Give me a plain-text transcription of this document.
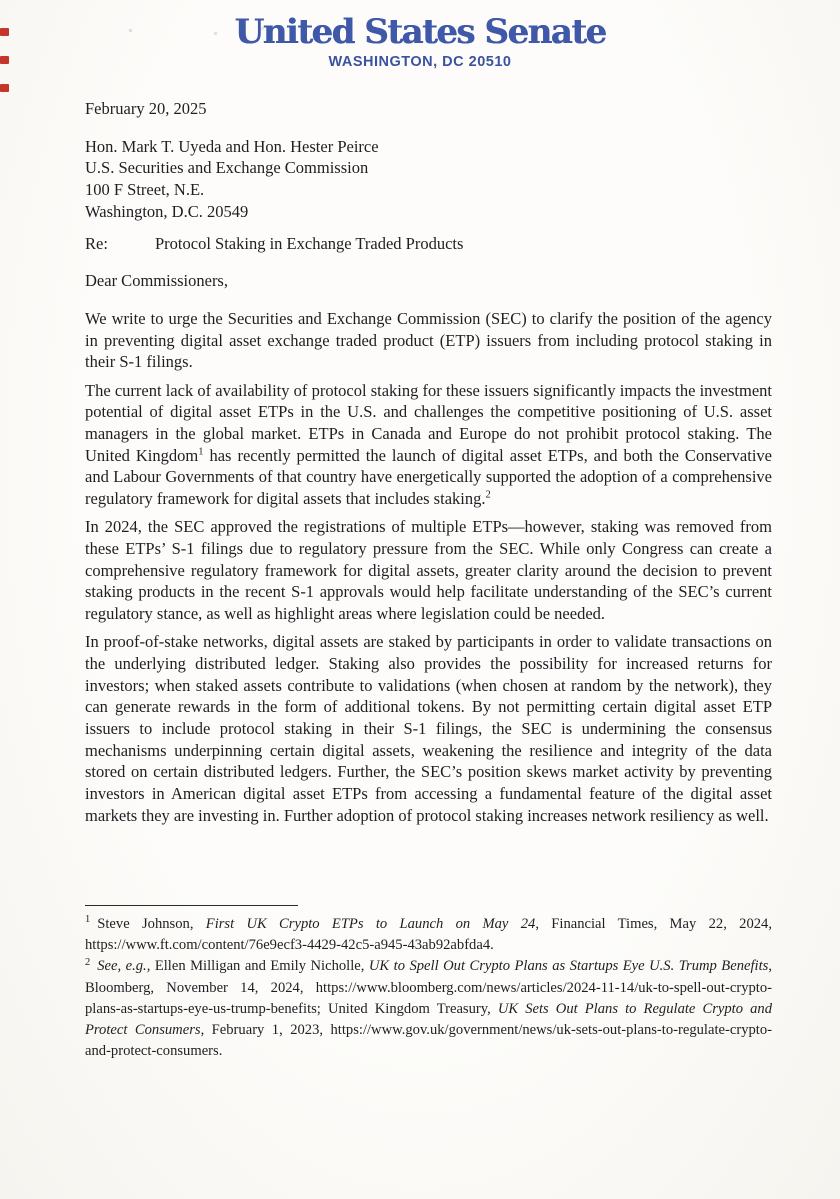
United States Senate
WASHINGTON, DC 20510

February 20, 2025

Hon. Mark T. Uyeda and Hon. Hester Peirce
U.S. Securities and Exchange Commission
100 F Street, N.E.
Washington, D.C. 20549
Re:	Protocol Staking in Exchange Traded Products

Dear Commissioners,

We write to urge the Securities and Exchange Commission (SEC) to clarify the position of the agency in preventing digital asset exchange traded product (ETP) issuers from including protocol staking in their S-1 filings.

The current lack of availability of protocol staking for these issuers significantly impacts the investment potential of digital asset ETPs in the U.S. and challenges the competitive positioning of U.S. asset managers in the global market. ETPs in Canada and Europe do not prohibit protocol staking. The United Kingdom$^1$ has recently permitted the launch of digital asset ETPs, and both the Conservative and Labour Governments of that country have energetically supported the adoption of a comprehensive regulatory framework for digital assets that includes staking.$^2$

In 2024, the SEC approved the registrations of multiple ETPs—however, staking was removed from these ETPs’ S-1 filings due to regulatory pressure from the SEC. While only Congress can create a comprehensive regulatory framework for digital assets, greater clarity around the decision to prevent staking products in the recent S-1 approvals would help facilitate understanding of the SEC’s current regulatory stance, as well as highlight areas where legislation could be needed.

In proof-of-stake networks, digital assets are staked by participants in order to validate transactions on the underlying distributed ledger. Staking also provides the possibility for increased returns for investors; when staked assets contribute to validations (when chosen at random by the network), they can generate rewards in the form of additional tokens. By not permitting certain digital asset ETP issuers to include protocol staking in their S-1 filings, the SEC is undermining the consensus mechanisms underpinning certain digital assets, weakening the resilience and integrity of the data stored on certain distributed ledgers. Further, the SEC’s position skews market activity by preventing investors in American digital asset ETPs from accessing a fundamental feature of the digital asset markets they are investing in. Further adoption of protocol staking increases network resiliency as well.

$^1$ Steve Johnson, First UK Crypto ETPs to Launch on May 24, Financial Times, May 22, 2024, https://www.ft.com/content/76e9ecf3-4429-42c5-a945-43ab92abfda4.

$^2$ See, e.g., Ellen Milligan and Emily Nicholle, UK to Spell Out Crypto Plans as Startups Eye U.S. Trump Benefits, Bloomberg, November 14, 2024, https://www.bloomberg.com/news/articles/2024-11-14/uk-to-spell-out-crypto-plans-as-startups-eye-us-trump-benefits; United Kingdom Treasury, UK Sets Out Plans to Regulate Crypto and Protect Consumers, February 1, 2023, https://www.gov.uk/government/news/uk-sets-out-plans-to-regulate-crypto-and-protect-consumers.
